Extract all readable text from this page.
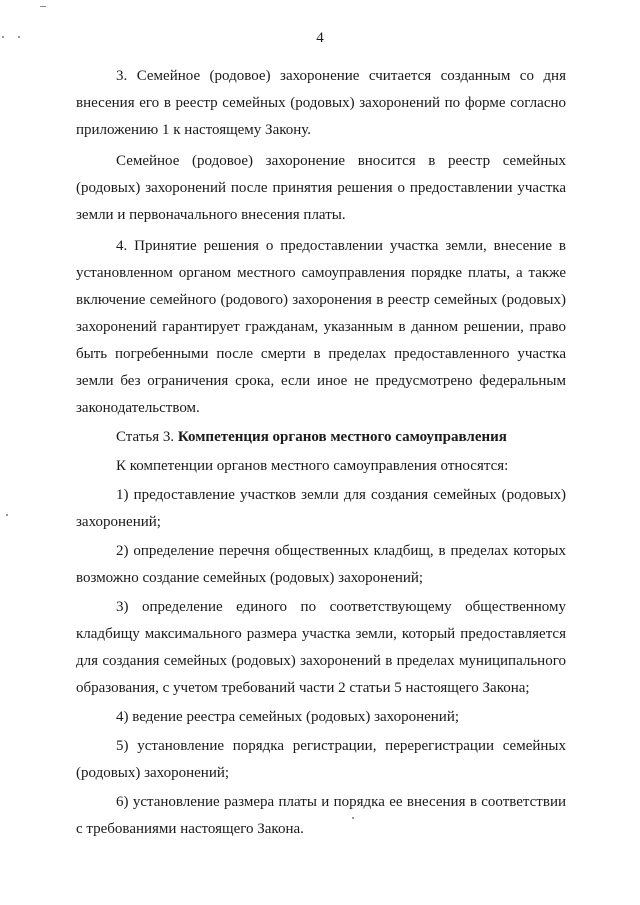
4

3. Семейное (родовое) захоронение считается созданным со дня внесения его в реестр семейных (родовых) захоронений по форме согласно приложению 1 к настоящему Закону.

Семейное (родовое) захоронение вносится в реестр семейных (родовых) захоронений после принятия решения о предоставлении участка земли и первоначального внесения платы.

4. Принятие решения о предоставлении участка земли, внесение в установленном органом местного самоуправления порядке платы, а также включение семейного (родового) захоронения в реестр семейных (родовых) захоронений гарантирует гражданам, указанным в данном решении, право быть погребенными после смерти в пределах предоставленного участка земли без ограничения срока, если иное не предусмотрено федеральным законодательством.

Статья 3. Компетенция органов местного самоуправления

К компетенции органов местного самоуправления относятся:

1) предоставление участков земли для создания семейных (родовых) захоронений;

2) определение перечня общественных кладбищ, в пределах которых возможно создание семейных (родовых) захоронений;

3) определение единого по соответствующему общественному кладбищу максимального размера участка земли, который предоставляется для создания семейных (родовых) захоронений в пределах муниципального образования, с учетом требований части 2 статьи 5 настоящего Закона;

4) ведение реестра семейных (родовых) захоронений;

5) установление порядка регистрации, перерегистрации семейных (родовых) захоронений;

6) установление размера платы и порядка ее внесения в соответствии с требованиями настоящего Закона.
